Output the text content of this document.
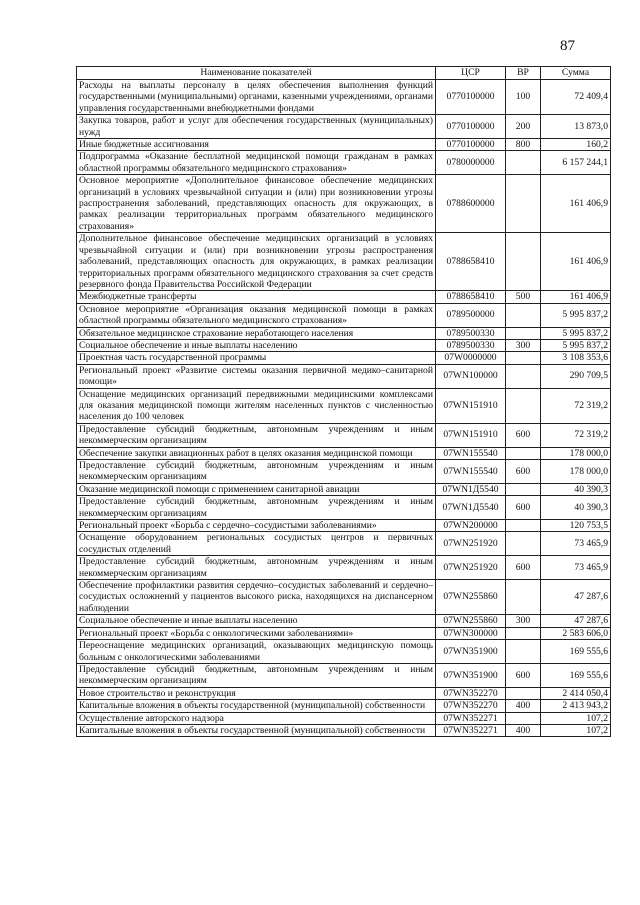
87
Наименование показателей	ЦСР	ВР	Сумма
Расходы на выплаты персоналу в целях обеспечения выполнения функций государственными (муниципальными) органами, казенными учреждениями, органами управления государственными внебюджетными фондами	0770100000	100	72 409,4
Закупка товаров, работ и услуг для обеспечения государственных (муниципальных) нужд	0770100000	200	13 873,0
Иные бюджетные ассигнования	0770100000	800	160,2
Подпрограмма «Оказание бесплатной медицинской помощи гражданам в рамках областной программы обязательного медицинского страхования»	0780000000		6 157 244,1
Основное мероприятие «Дополнительное финансовое обеспечение медицинских организаций в условиях чрезвычайной ситуации и (или) при возникновении угрозы распространения заболеваний, представляющих опасность для окружающих, в рамках реализации территориальных программ обязательного медицинского страхования»	0788600000		161 406,9
Дополнительное финансовое обеспечение медицинских организаций в условиях чрезвычайной ситуации и (или) при возникновении угрозы распространения заболеваний, представляющих опасность для окружающих, в рамках реализации территориальных программ обязательного медицинского страхования за счет средств резервного фонда Правительства Российской Федерации	0788658410		161 406,9
Межбюджетные трансферты	0788658410	500	161 406,9
Основное мероприятие «Организация оказания медицинской помощи в рамках областной программы обязательного медицинского страхования»	0789500000		5 995 837,2
Обязательное медицинское страхование неработающего населения	0789500330		5 995 837,2
Социальное обеспечение и иные выплаты населению	0789500330	300	5 995 837,2
Проектная часть государственной программы	07W0000000		3 108 353,6
Региональный проект «Развитие системы оказания первичной медико–санитарной помощи»	07WN100000		290 709,5
Оснащение медицинских организаций передвижными медицинскими комплексами для оказания медицинской помощи жителям населенных пунктов с численностью населения до 100 человек	07WN151910		72 319,2
Предоставление субсидий бюджетным, автономным учреждениям и иным некоммерческим организациям	07WN151910	600	72 319,2
Обеспечение закупки авиационных работ в целях оказания медицинской помощи	07WN155540		178 000,0
Предоставление субсидий бюджетным, автономным учреждениям и иным некоммерческим организациям	07WN155540	600	178 000,0
Оказание медицинской помощи с применением санитарной авиации	07WN1Д5540		40 390,3
Предоставление субсидий бюджетным, автономным учреждениям и иным некоммерческим организациям	07WN1Д5540	600	40 390,3
Региональный проект «Борьба с сердечно–сосудистыми заболеваниями»	07WN200000		120 753,5
Оснащение оборудованием региональных сосудистых центров и первичных сосудистых отделений	07WN251920		73 465,9
Предоставление субсидий бюджетным, автономным учреждениям и иным некоммерческим организациям	07WN251920	600	73 465,9
Обеспечение профилактики развития сердечно–сосудистых заболеваний и сердечно–сосудистых осложнений у пациентов высокого риска, находящихся на диспансерном наблюдении	07WN255860		47 287,6
Социальное обеспечение и иные выплаты населению	07WN255860	300	47 287,6
Региональный проект «Борьба с онкологическими заболеваниями»	07WN300000		2 583 606,0
Переоснащение медицинских организаций, оказывающих медицинскую помощь больным с онкологическими заболеваниями	07WN351900		169 555,6
Предоставление субсидий бюджетным, автономным учреждениям и иным некоммерческим организациям	07WN351900	600	169 555,6
Новое строительство и реконструкция	07WN352270		2 414 050,4
Капитальные вложения в объекты государственной (муниципальной) собственности	07WN352270	400	2 413 943,2
Осуществление авторского надзора	07WN352271		107,2
Капитальные вложения в объекты государственной (муниципальной) собственности	07WN352271	400	107,2
